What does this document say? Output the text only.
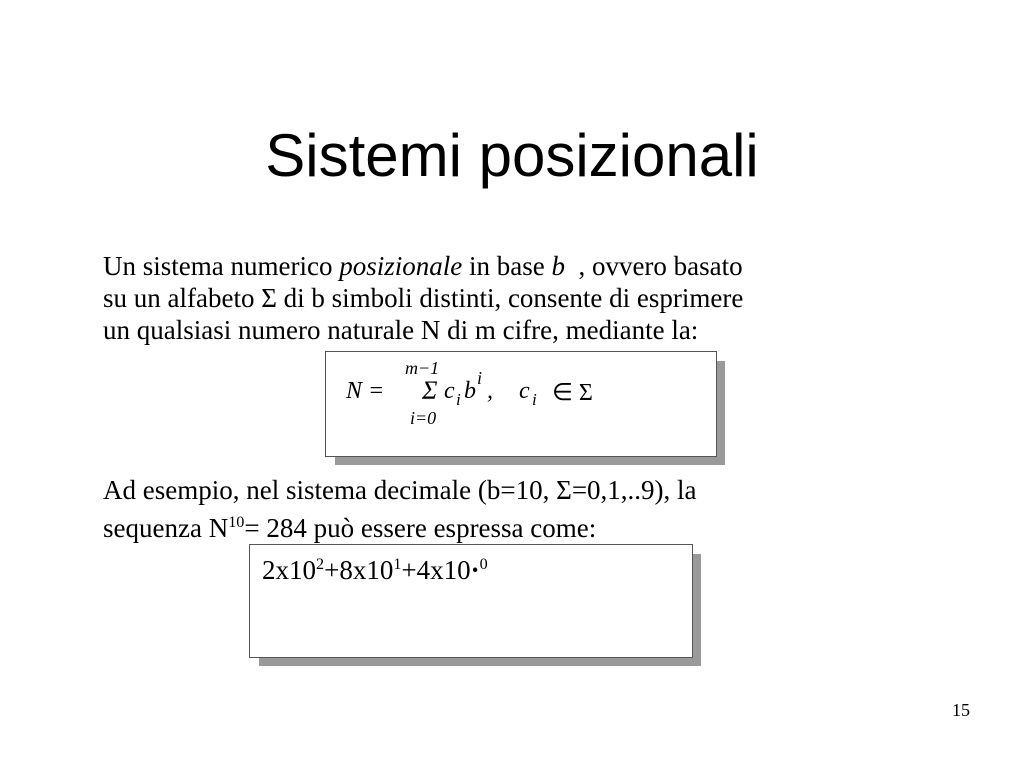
Sistemi posizionali
Un sistema numerico posizionale in base b  , ovvero basato
su un alfabeto Σ di b simboli distinti, consente di esprimere
un qualsiasi numero naturale N di m cifre, mediante la:
N =
m−1
Σ
i=0
c i b i , c i ∈ Σ
Ad esempio, nel sistema decimale (b=10, Σ=0,1,..9), la
sequenza $N^{10}= 284$ può essere espressa come:
$2x10^2+8x10^1+4x10\cdot^0$
15
